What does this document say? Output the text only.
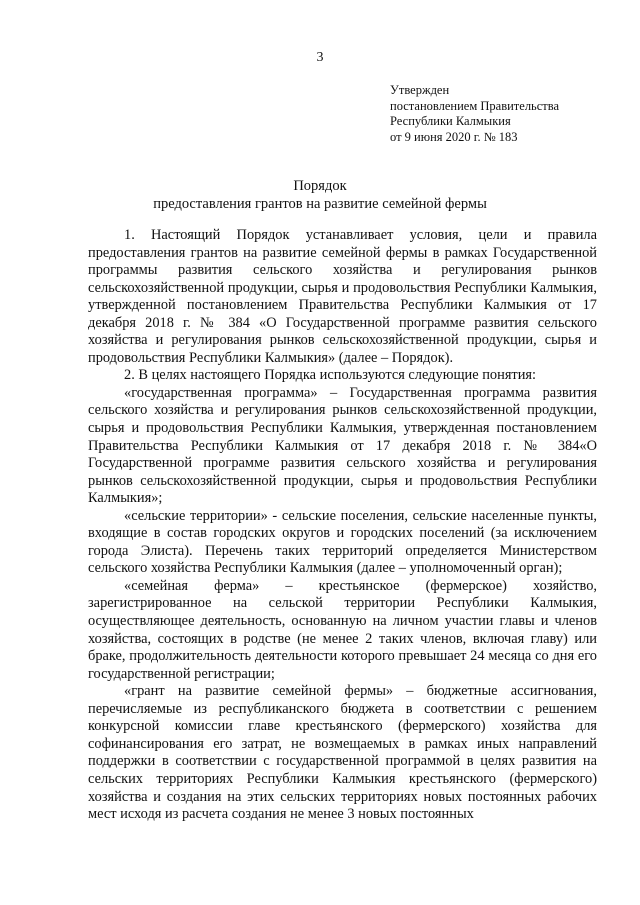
3
Утвержден
постановлением Правительства
Республики Калмыкия
от 9 июня 2020 г. № 183
Порядок
предоставления грантов на развитие семейной фермы

1. Настоящий Порядок устанавливает условия, цели и правила предоставления грантов на развитие семейной фермы в рамках Государственной программы развития сельского хозяйства и регулирования рынков сельскохозяйственной продукции, сырья и продовольствия Республики Калмыкия, утвержденной постановлением Правительства Республики Калмыкия от 17 декабря 2018 г. № 384 «О Государственной программе развития сельского хозяйства и регулирования рынков сельскохозяйственной продукции, сырья и продовольствия Республики Калмыкия» (далее – Порядок).

2. В целях настоящего Порядка используются следующие понятия:

«государственная программа» – Государственная программа развития сельского хозяйства и регулирования рынков сельскохозяйственной продукции, сырья и продовольствия Республики Калмыкия, утвержденная постановлением Правительства Республики Калмыкия от 17 декабря 2018 г. № 384«О Государственной программе развития сельского хозяйства и регулирования рынков сельскохозяйственной продукции, сырья и продовольствия Республики Калмыкия»;

«сельские территории» - сельские поселения, сельские населенные пункты, входящие в состав городских округов и городских поселений (за исключением города Элиста). Перечень таких территорий определяется Министерством сельского хозяйства Республики Калмыкия (далее – уполномоченный орган);

«семейная ферма» – крестьянское (фермерское) хозяйство, зарегистрированное на сельской территории Республики Калмыкия, осуществляющее деятельность, основанную на личном участии главы и членов хозяйства, состоящих в родстве (не менее 2 таких членов, включая главу) или браке, продолжительность деятельности которого превышает 24 месяца со дня его государственной регистрации;

«грант на развитие семейной фермы» – бюджетные ассигнования, перечисляемые из республиканского бюджета в соответствии с решением конкурсной комиссии главе крестьянского (фермерского) хозяйства для софинансирования его затрат, не возмещаемых в рамках иных направлений поддержки в соответствии с государственной программой в целях развития на сельских территориях Республики Калмыкия крестьянского (фермерского) хозяйства и создания на этих сельских территориях новых постоянных рабочих мест исходя из расчета создания не менее 3 новых постоянных
